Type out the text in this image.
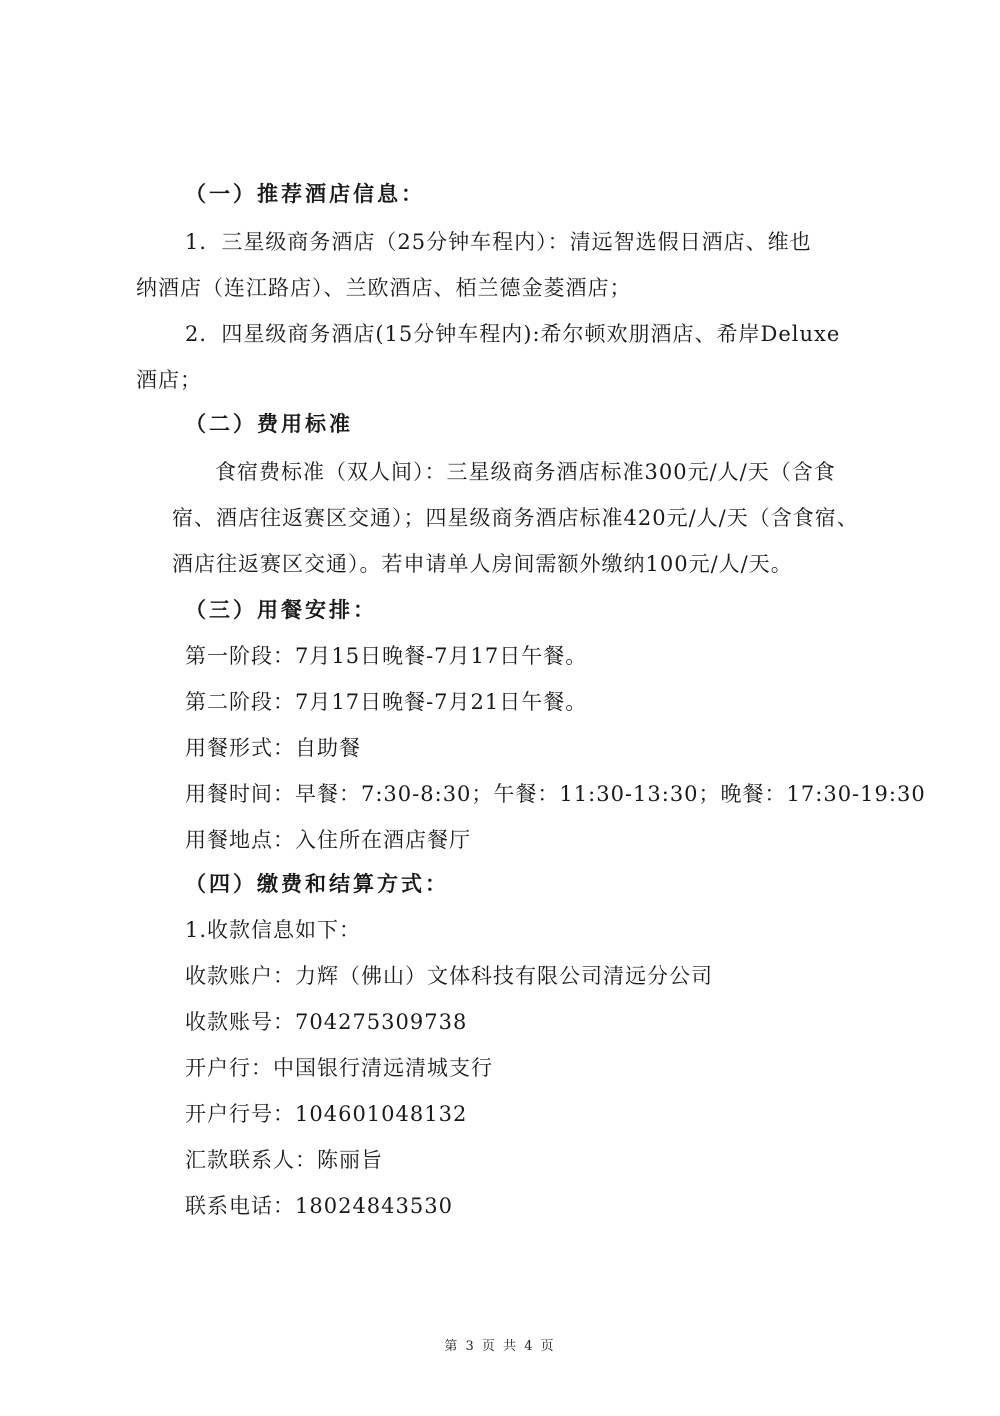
（一）推荐酒店信息：
1．三星级商务酒店（25分钟车程内）：清远智选假日酒店、维也
纳酒店（连江路店）、兰欧酒店、栢兰德金菱酒店；
2．四星级商务酒店(15分钟车程内):希尔顿欢朋酒店、希岸Deluxe
酒店；
（二）费用标准
食宿费标准（双人间）：三星级商务酒店标准300元/人/天（含食
宿、酒店往返赛区交通）；四星级商务酒店标准420元/人/天（含食宿、
酒店往返赛区交通）。若申请单人房间需额外缴纳100元/人/天。
（三）用餐安排：
第一阶段：7月15日晚餐-7月17日午餐。
第二阶段：7月17日晚餐-7月21日午餐。
用餐形式：自助餐
用餐时间：早餐：7:30-8:30；午餐：11:30-13:30；晚餐：17:30-19:30
用餐地点：入住所在酒店餐厅
（四）缴费和结算方式：
1.收款信息如下：
收款账户：力辉（佛山）文体科技有限公司清远分公司
收款账号：704275309738
开户行：中国银行清远清城支行
开户行号：104601048132
汇款联系人：陈丽旨
联系电话：18024843530
第 3 页 共 4 页
